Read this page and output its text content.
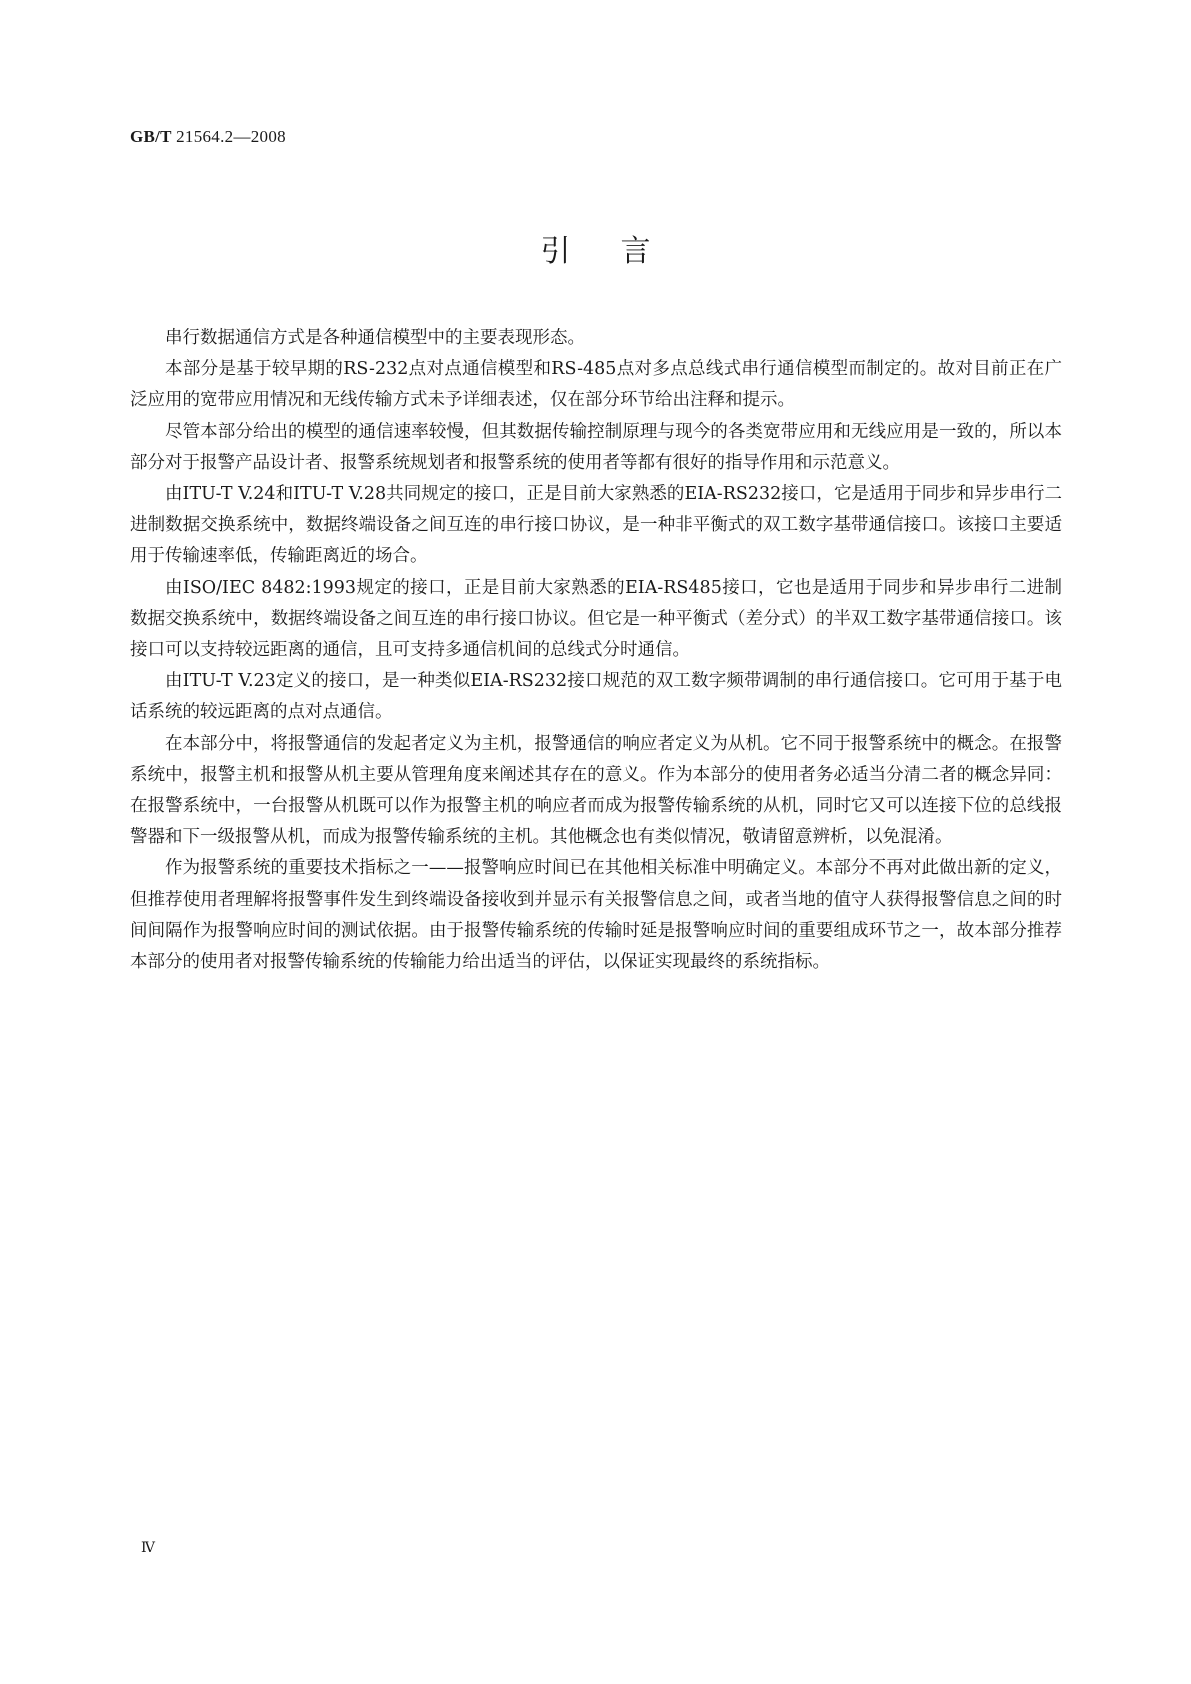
GB/T 21564.2—2008
引言

串行数据通信方式是各种通信模型中的主要表现形态。

本部分是基于较早期的RS-232点对点通信模型和RS-485点对多点总线式串行通信模型而制定的。故对目前正在广泛应用的宽带应用情况和无线传输方式未予详细表述，仅在部分环节给出注释和提示。

尽管本部分给出的模型的通信速率较慢，但其数据传输控制原理与现今的各类宽带应用和无线应用是一致的，所以本部分对于报警产品设计者、报警系统规划者和报警系统的使用者等都有很好的指导作用和示范意义。

由ITU-T V.24和ITU-T V.28共同规定的接口，正是目前大家熟悉的EIA-RS232接口，它是适用于同步和异步串行二进制数据交换系统中，数据终端设备之间互连的串行接口协议，是一种非平衡式的双工数字基带通信接口。该接口主要适用于传输速率低，传输距离近的场合。

由ISO/IEC 8482:1993规定的接口，正是目前大家熟悉的EIA-RS485接口，它也是适用于同步和异步串行二进制数据交换系统中，数据终端设备之间互连的串行接口协议。但它是一种平衡式（差分式）的半双工数字基带通信接口。该接口可以支持较远距离的通信，且可支持多通信机间的总线式分时通信。

由ITU-T V.23定义的接口，是一种类似EIA-RS232接口规范的双工数字频带调制的串行通信接口。它可用于基于电话系统的较远距离的点对点通信。

在本部分中，将报警通信的发起者定义为主机，报警通信的响应者定义为从机。它不同于报警系统中的概念。在报警系统中，报警主机和报警从机主要从管理角度来阐述其存在的意义。作为本部分的使用者务必适当分清二者的概念异同：在报警系统中，一台报警从机既可以作为报警主机的响应者而成为报警传输系统的从机，同时它又可以连接下位的总线报警器和下一级报警从机，而成为报警传输系统的主机。其他概念也有类似情况，敬请留意辨析，以免混淆。

作为报警系统的重要技术指标之一——报警响应时间已在其他相关标准中明确定义。本部分不再对此做出新的定义，但推荐使用者理解将报警事件发生到终端设备接收到并显示有关报警信息之间，或者当地的值守人获得报警信息之间的时间间隔作为报警响应时间的测试依据。由于报警传输系统的传输时延是报警响应时间的重要组成环节之一，故本部分推荐本部分的使用者对报警传输系统的传输能力给出适当的评估，以保证实现最终的系统指标。

Ⅳ
